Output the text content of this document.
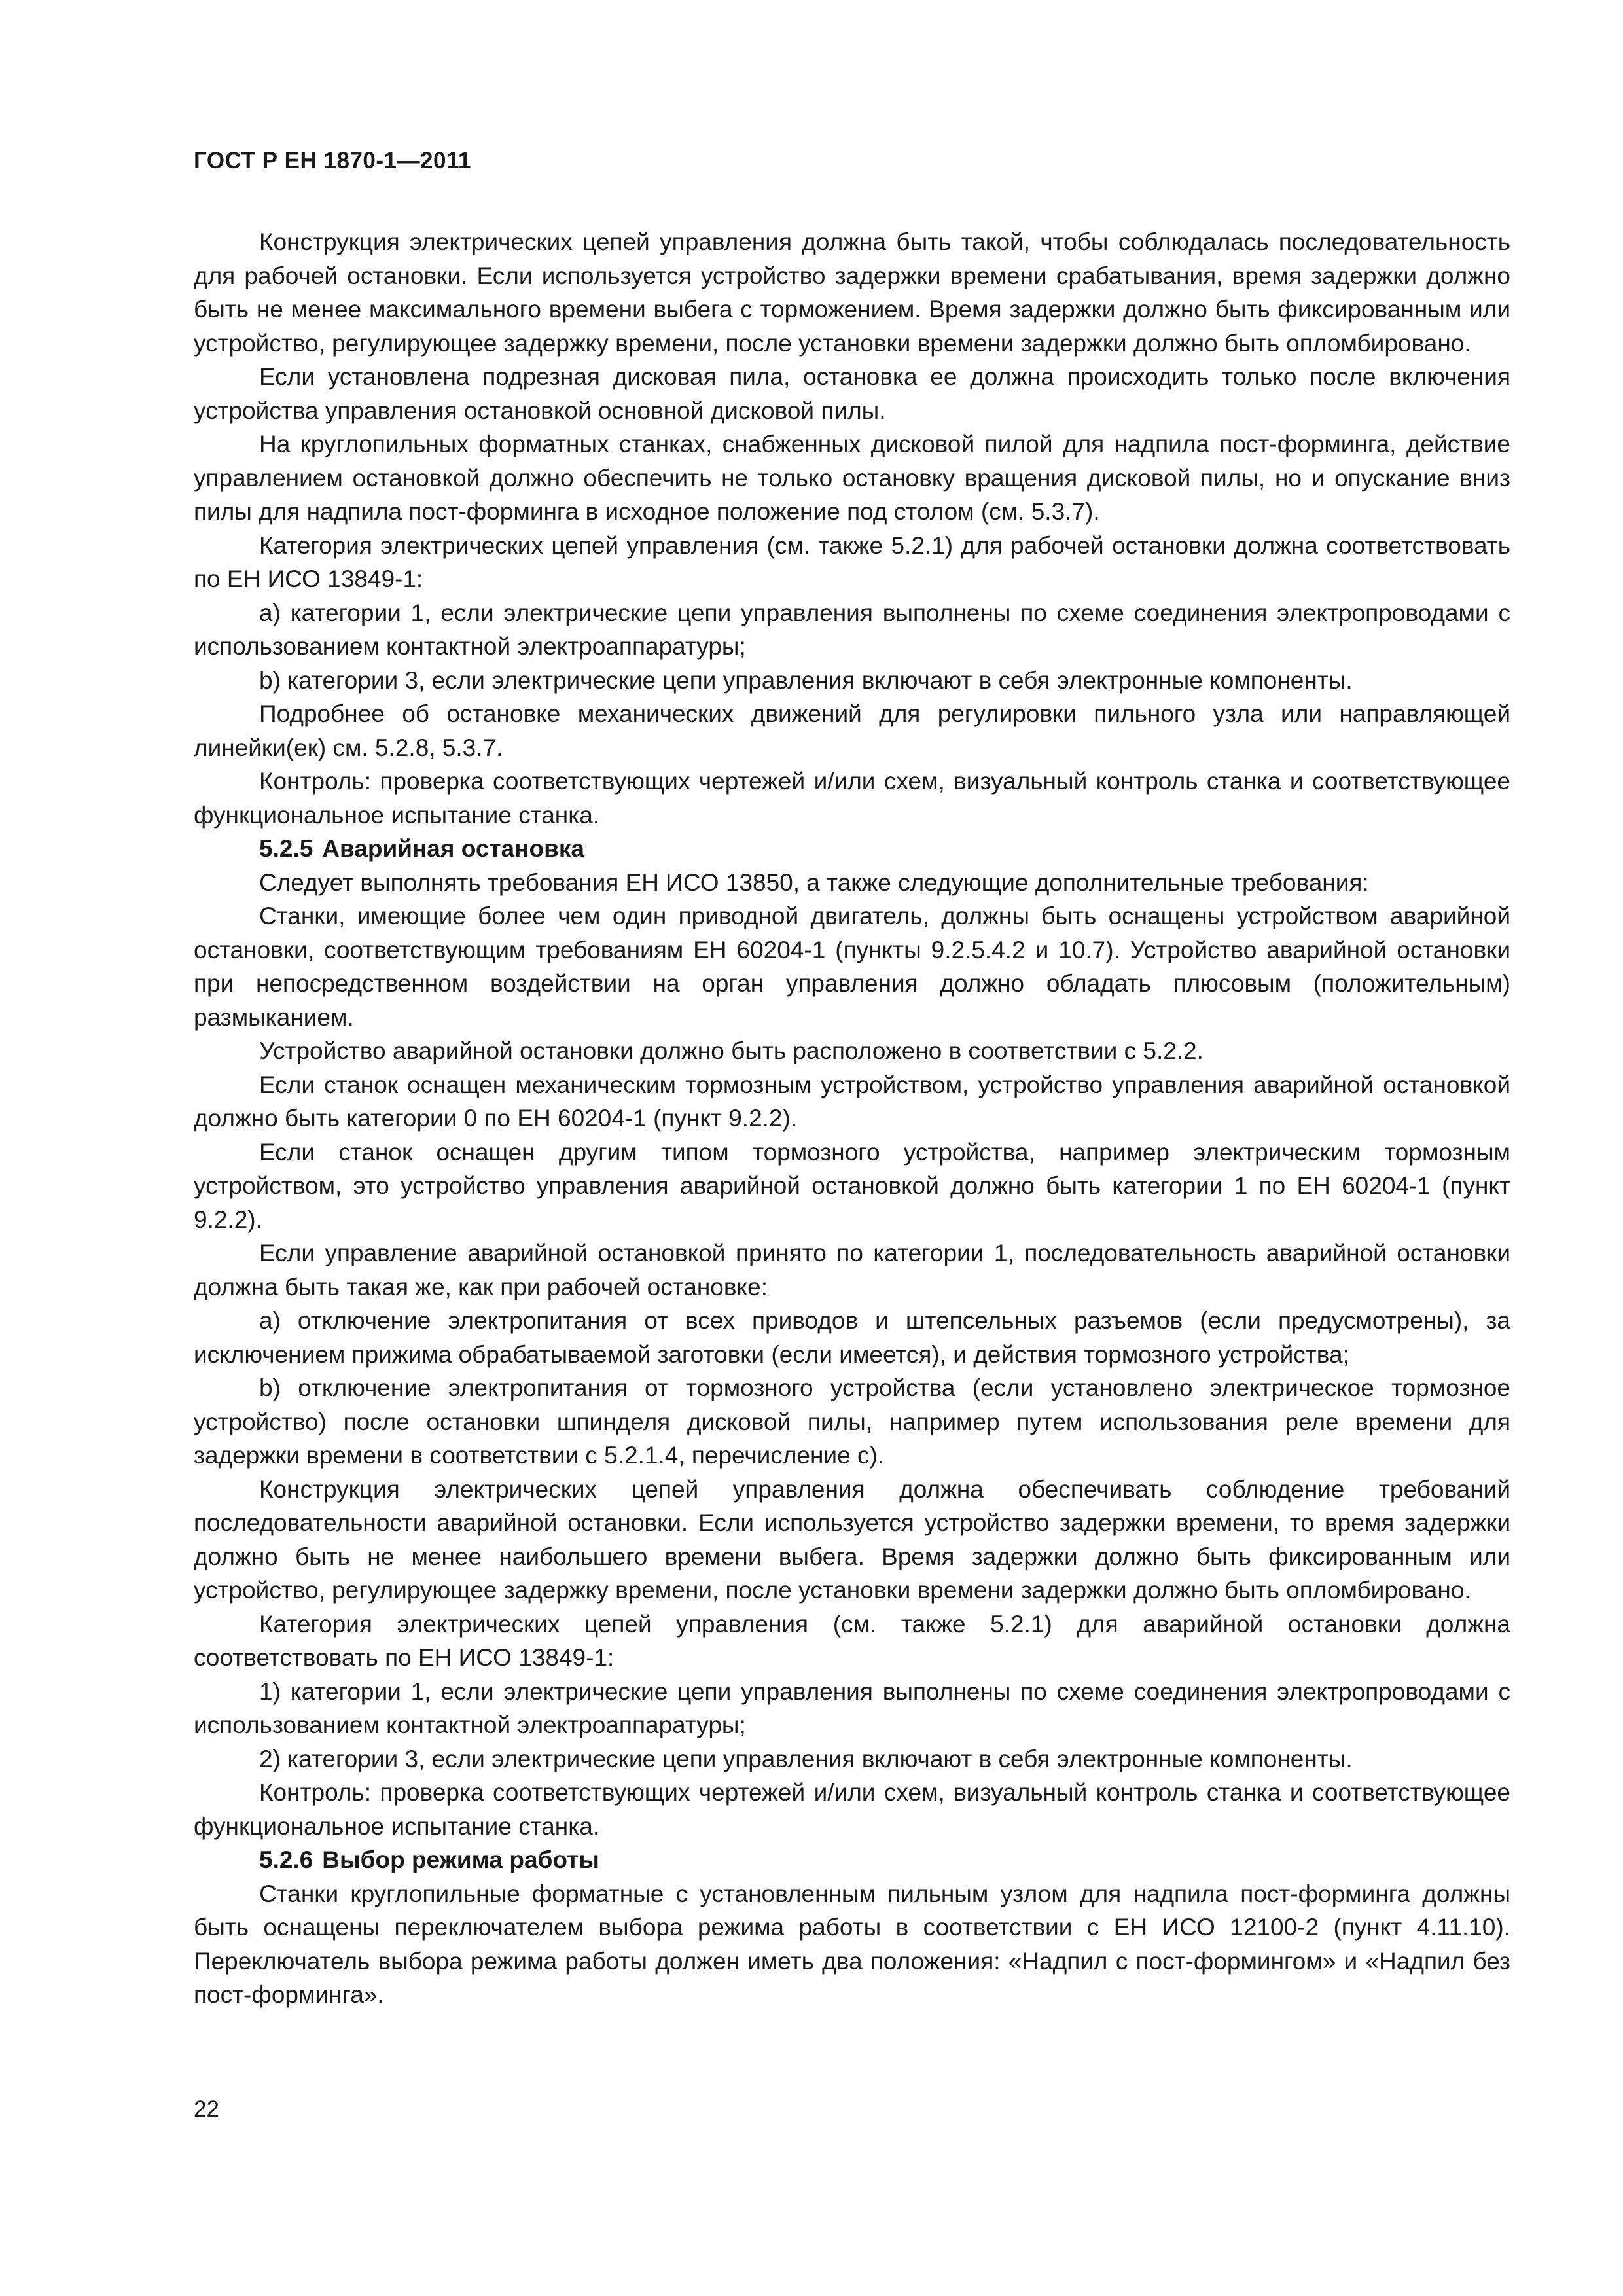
ГОСТ Р ЕН 1870-1—2011

Конструкция электрических цепей управления должна быть такой, чтобы соблюдалась последовательность для рабочей остановки. Если используется устройство задержки времени срабатывания, время задержки должно быть не менее максимального времени выбега с торможением. Время задержки должно быть фиксированным или устройство, регулирующее задержку времени, после установки времени задержки должно быть опломбировано.

Если установлена подрезная дисковая пила, остановка ее должна происходить только после включения устройства управления остановкой основной дисковой пилы.

На круглопильных форматных станках, снабженных дисковой пилой для надпила пост-форминга, действие управлением остановкой должно обеспечить не только остановку вращения дисковой пилы, но и опускание вниз пилы для надпила пост-форминга в исходное положение под столом (см. 5.3.7).

Категория электрических цепей управления (см. также 5.2.1) для рабочей остановки должна соответствовать по ЕН ИСО 13849-1:

a) категории 1, если электрические цепи управления выполнены по схеме соединения электропроводами с использованием контактной электроаппаратуры;

b) категории 3, если электрические цепи управления включают в себя электронные компоненты.

Подробнее об остановке механических движений для регулировки пильного узла или направляющей линейки(ек) см. 5.2.8, 5.3.7.

Контроль: проверка соответствующих чертежей и/или схем, визуальный контроль станка и соответствующее функциональное испытание станка.

5.2.5 Аварийная остановка

Следует выполнять требования ЕН ИСО 13850, а также следующие дополнительные требования:

Станки, имеющие более чем один приводной двигатель, должны быть оснащены устройством аварийной остановки, соответствующим требованиям ЕН 60204-1 (пункты 9.2.5.4.2 и 10.7). Устройство аварийной остановки при непосредственном воздействии на орган управления должно обладать плюсовым (положительным) размыканием.

Устройство аварийной остановки должно быть расположено в соответствии с 5.2.2.

Если станок оснащен механическим тормозным устройством, устройство управления аварийной остановкой должно быть категории 0 по ЕН 60204-1 (пункт 9.2.2).

Если станок оснащен другим типом тормозного устройства, например электрическим тормозным устройством, это устройство управления аварийной остановкой должно быть категории 1 по ЕН 60204-1 (пункт 9.2.2).

Если управление аварийной остановкой принято по категории 1, последовательность аварийной остановки должна быть такая же, как при рабочей остановке:

a) отключение электропитания от всех приводов и штепсельных разъемов (если предусмотрены), за исключением прижима обрабатываемой заготовки (если имеется), и действия тормозного устройства;

b) отключение электропитания от тормозного устройства (если установлено электрическое тормозное устройство) после остановки шпинделя дисковой пилы, например путем использования реле времени для задержки времени в соответствии с 5.2.1.4, перечисление c).

Конструкция электрических цепей управления должна обеспечивать соблюдение требований последовательности аварийной остановки. Если используется устройство задержки времени, то время задержки должно быть не менее наибольшего времени выбега. Время задержки должно быть фиксированным или устройство, регулирующее задержку времени, после установки времени задержки должно быть опломбировано.

Категория электрических цепей управления (см. также 5.2.1) для аварийной остановки должна соответствовать по ЕН ИСО 13849-1:

1) категории 1, если электрические цепи управления выполнены по схеме соединения электропроводами с использованием контактной электроаппаратуры;

2) категории 3, если электрические цепи управления включают в себя электронные компоненты.

Контроль: проверка соответствующих чертежей и/или схем, визуальный контроль станка и соответствующее функциональное испытание станка.

5.2.6 Выбор режима работы

Станки круглопильные форматные с установленным пильным узлом для надпила пост-форминга должны быть оснащены переключателем выбора режима работы в соответствии с ЕН ИСО 12100-2 (пункт 4.11.10). Переключатель выбора режима работы должен иметь два положения: «Надпил с пост-формингом» и «Надпил без пост-форминга».

22
